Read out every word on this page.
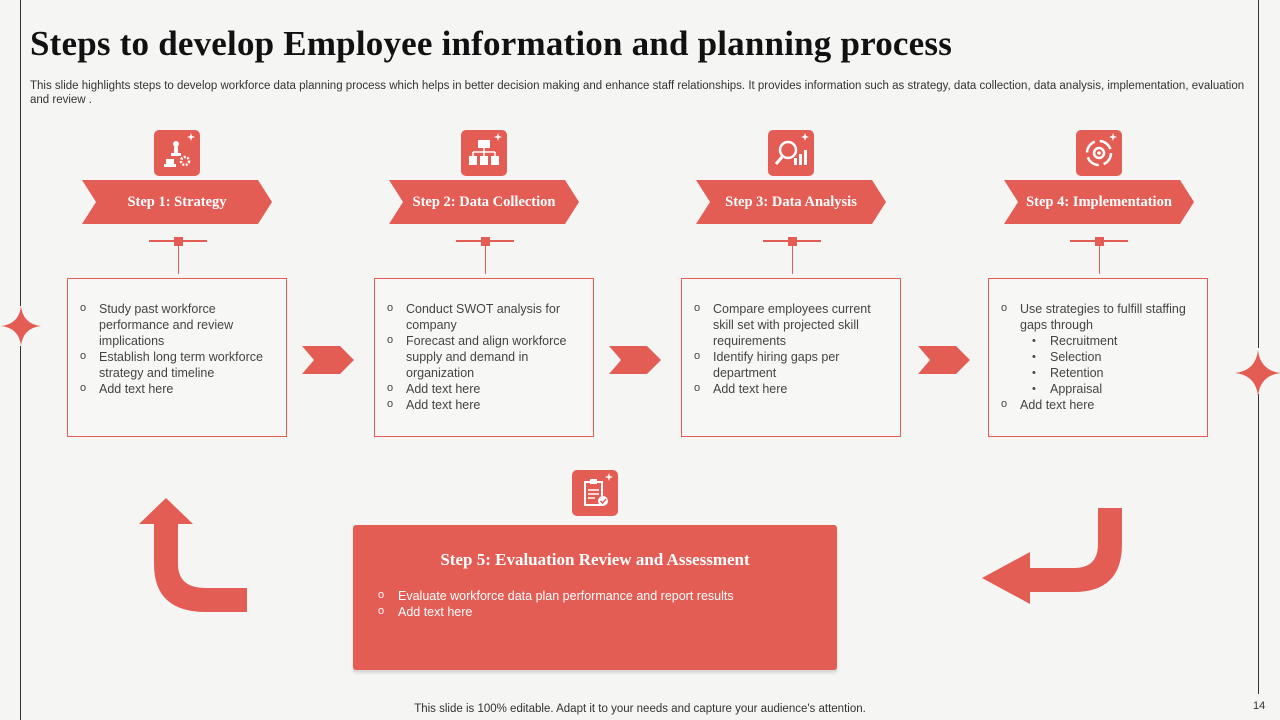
Steps to develop Employee information and planning process
This slide highlights steps to develop workforce data planning process which helps in better decision making and enhance staff relationships. It provides information such as strategy, data collection, data analysis, implementation, evaluation and review .
Step 1: Strategy
o Study past workforce performance and review implications
o Establish long term workforce strategy and timeline
o Add text here
Step 2: Data Collection
o Conduct SWOT analysis for company
o Forecast and align workforce supply and demand in organization
o Add text here
o Add text here
Step 3: Data Analysis
o Compare employees current skill set with projected skill requirements
o Identify hiring gaps per department
o Add text here
Step 4: Implementation
o Use strategies to fulfill staffing gaps through
• Recruitment
• Selection
• Retention
• Appraisal
o Add text here
Step 5: Evaluation Review and Assessment
o Evaluate workforce data plan performance and report results
o Add text here
This slide is 100% editable. Adapt it to your needs and capture your audience's attention.	14
